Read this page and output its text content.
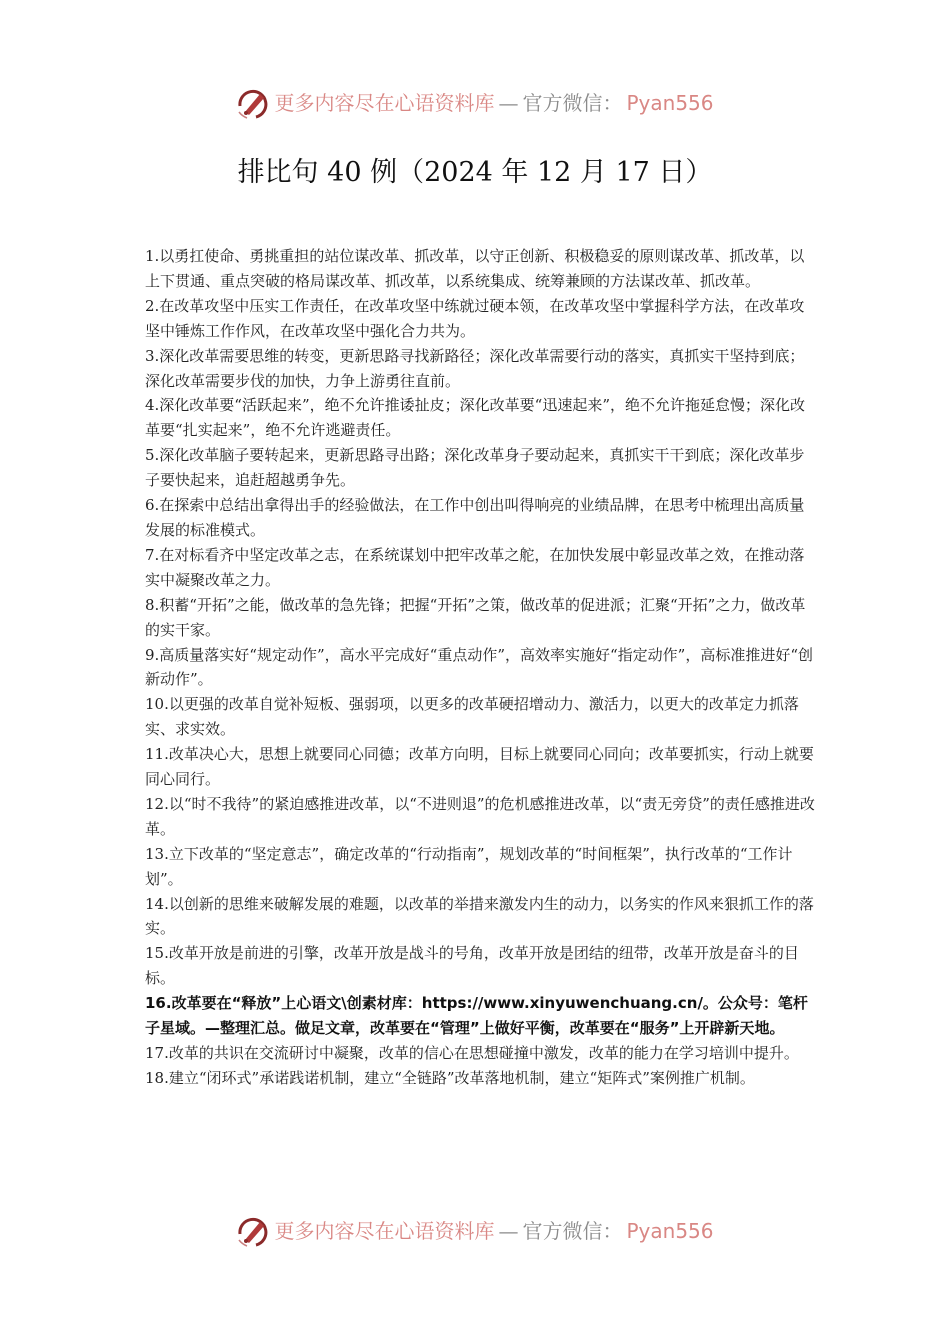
更多内容尽在心语资料库 — 官方微信： Pyan556
排比句 40 例（2024 年 12 月 17 日）

1.以勇扛使命、勇挑重担的站位谋改革、抓改革，以守正创新、积极稳妥的原则谋改革、抓改革，以上下贯通、重点突破的格局谋改革、抓改革，以系统集成、统筹兼顾的方法谋改革、抓改革。

2.在改革攻坚中压实工作责任，在改革攻坚中练就过硬本领，在改革攻坚中掌握科学方法，在改革攻坚中锤炼工作作风，在改革攻坚中强化合力共为。

3.深化改革需要思维的转变，更新思路寻找新路径；深化改革需要行动的落实，真抓实干坚持到底；深化改革需要步伐的加快，力争上游勇往直前。

4.深化改革要“活跃起来”，绝不允许推诿扯皮；深化改革要“迅速起来”，绝不允许拖延怠慢；深化改革要“扎实起来”，绝不允许逃避责任。

5.深化改革脑子要转起来，更新思路寻出路；深化改革身子要动起来，真抓实干干到底；深化改革步子要快起来，追赶超越勇争先。

6.在探索中总结出拿得出手的经验做法，在工作中创出叫得响亮的业绩品牌，在思考中梳理出高质量发展的标准模式。

7.在对标看齐中坚定改革之志，在系统谋划中把牢改革之舵，在加快发展中彰显改革之效，在推动落实中凝聚改革之力。

8.积蓄“开拓”之能，做改革的急先锋；把握“开拓”之策，做改革的促进派；汇聚“开拓”之力，做改革的实干家。

9.高质量落实好“规定动作”，高水平完成好“重点动作”，高效率实施好“指定动作”，高标准推进好“创新动作”。

10.以更强的改革自觉补短板、强弱项，以更多的改革硬招增动力、激活力，以更大的改革定力抓落实、求实效。

11.改革决心大，思想上就要同心同德；改革方向明，目标上就要同心同向；改革要抓实，行动上就要同心同行。

12.以“时不我待”的紧迫感推进改革，以“不进则退”的危机感推进改革，以“责无旁贷”的责任感推进改革。

13.立下改革的“坚定意志”，确定改革的“行动指南”，规划改革的“时间框架”，执行改革的“工作计划”。

14.以创新的思维来破解发展的难题，以改革的举措来激发内生的动力，以务实的作风来狠抓工作的落实。

15.改革开放是前进的引擎，改革开放是战斗的号角，改革开放是团结的纽带，改革开放是奋斗的目标。

16.改革要在“释放”上心语文\创素材库：https://www.xinyuwenchuang.cn/。公众号：笔杆子星域。—整理汇总。做足文章，改革要在“管理”上做好平衡，改革要在“服务”上开辟新天地。

17.改革的共识在交流研讨中凝聚，改革的信心在思想碰撞中激发，改革的能力在学习培训中提升。

18.建立“闭环式”承诺践诺机制，建立“全链路”改革落地机制，建立“矩阵式”案例推广机制。

更多内容尽在心语资料库 — 官方微信： Pyan556
